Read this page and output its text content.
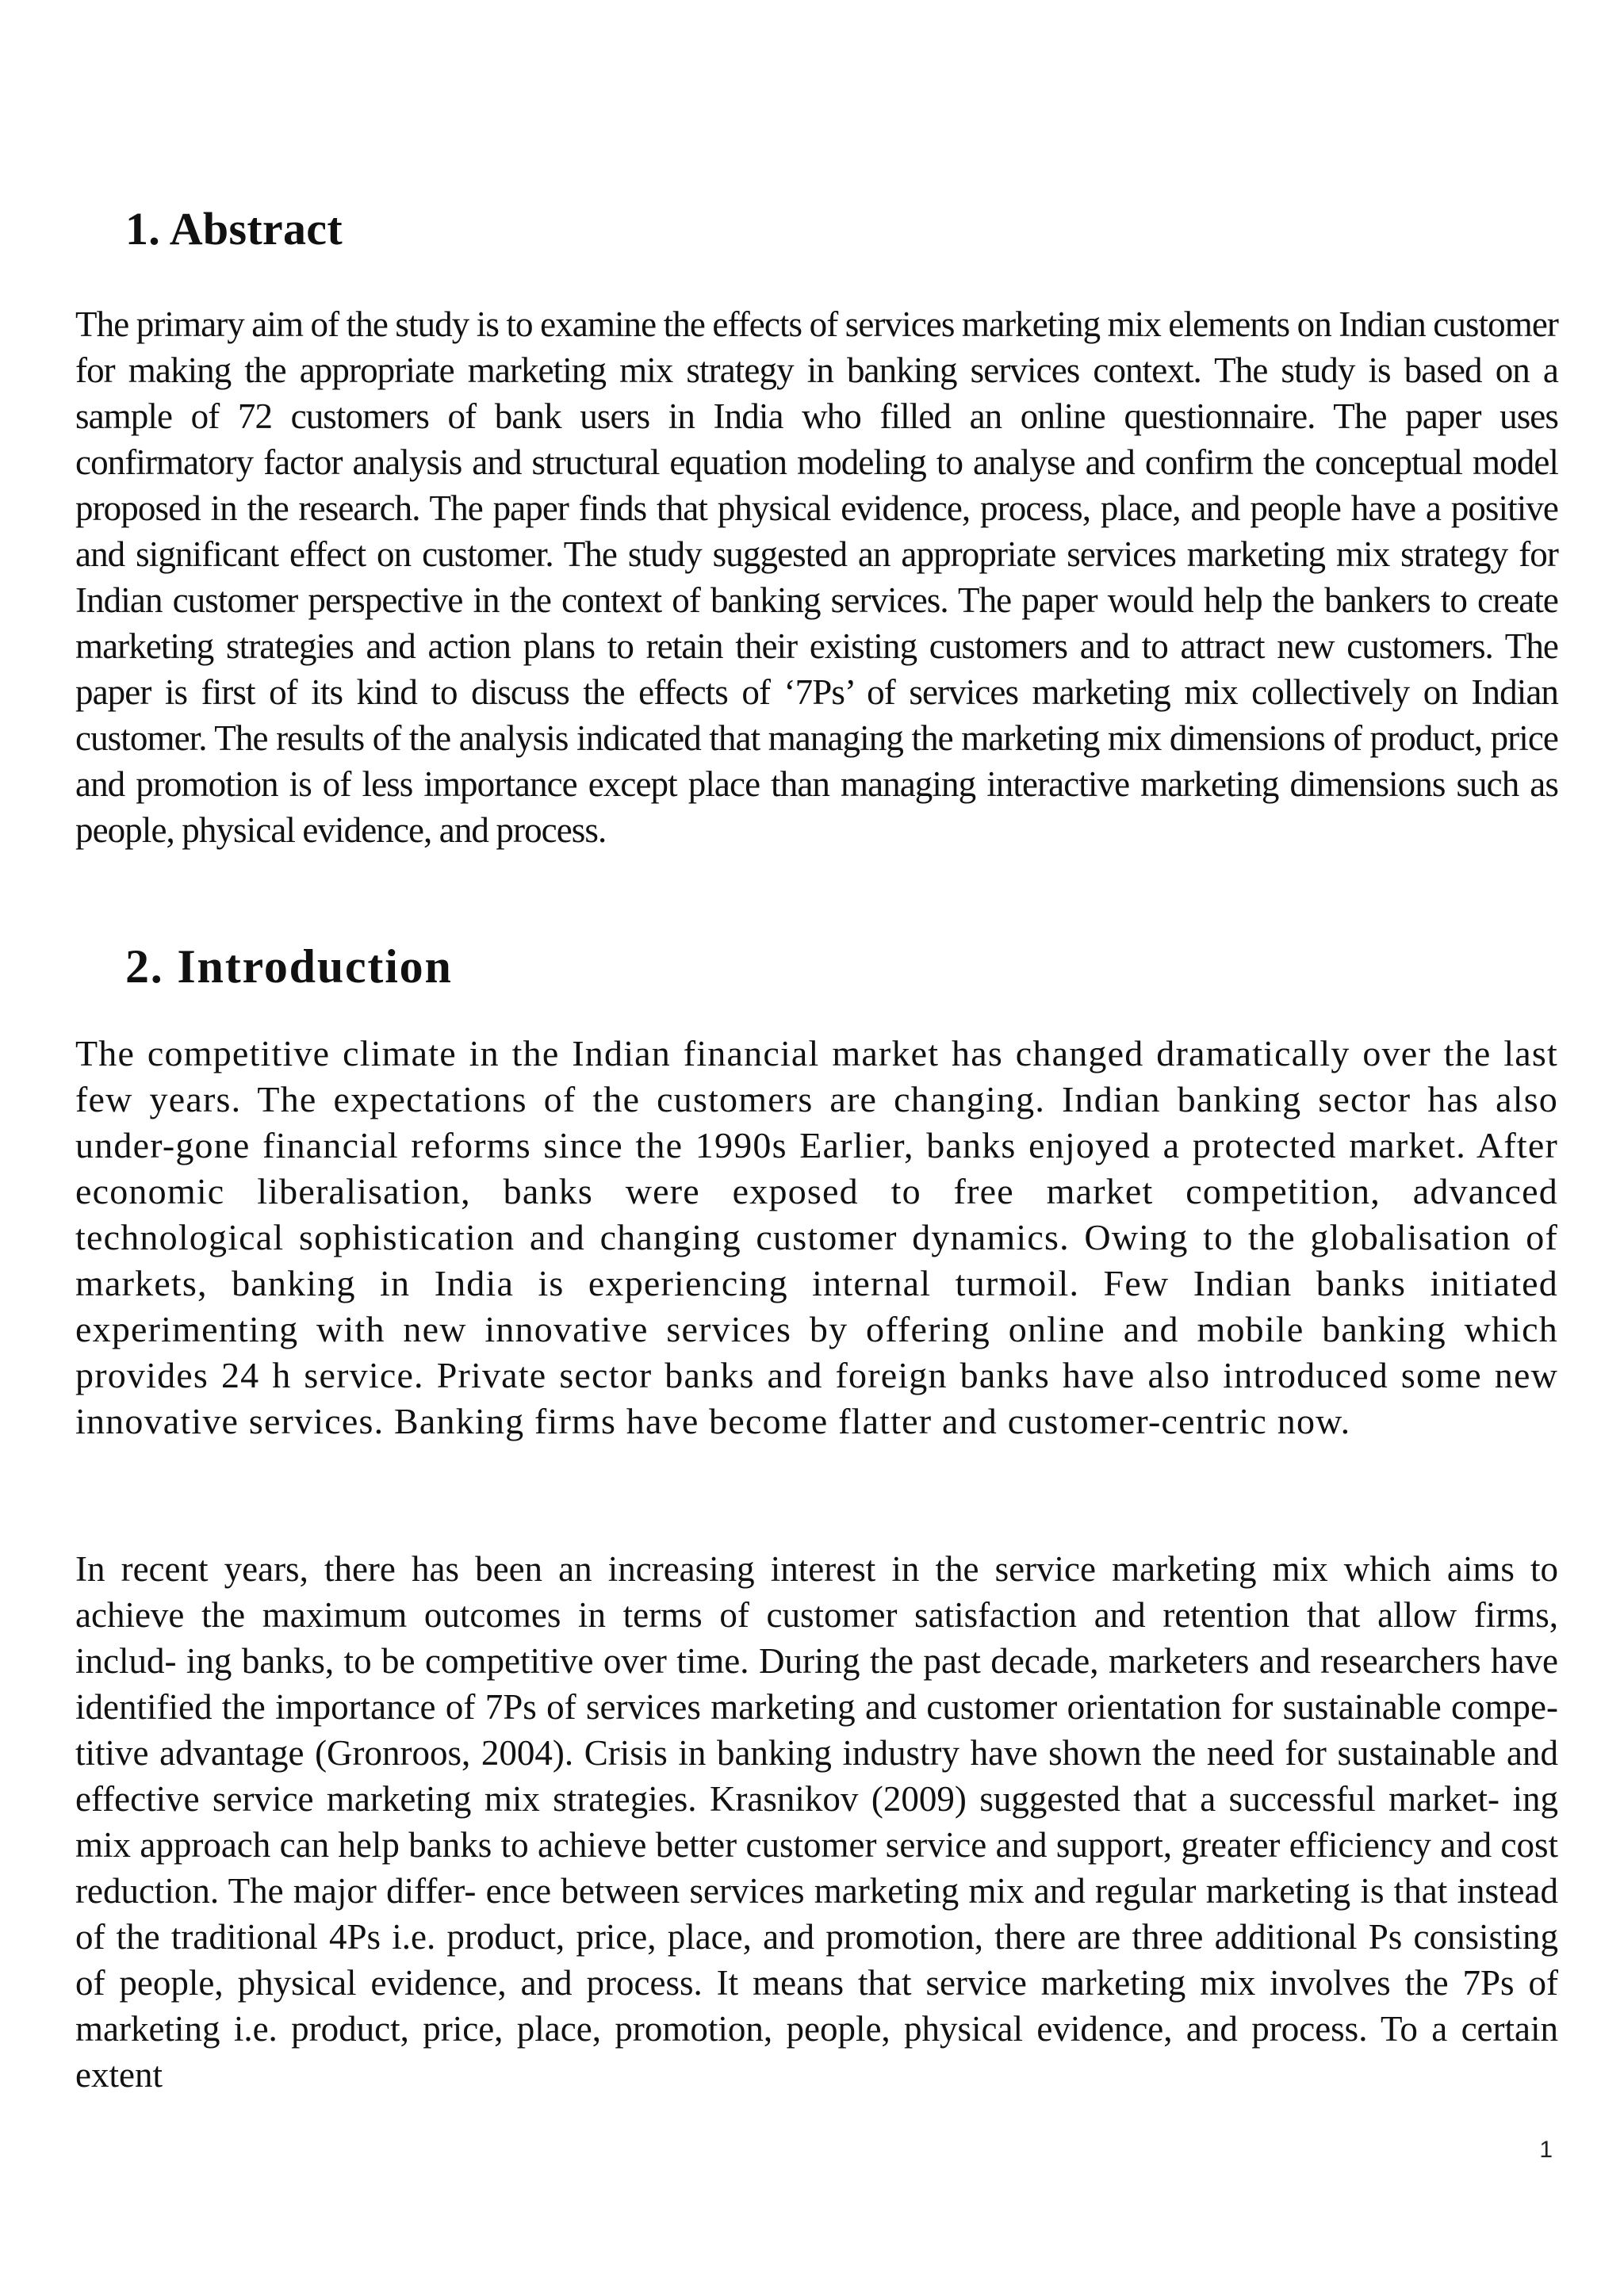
1. Abstract

The primary aim of the study is to examine the effects of services marketing mix elements on Indian customer for making the appropriate marketing mix strategy in banking services context. The study is based on a sample of 72 customers of bank users in India who filled an online questionnaire. The paper uses confirmatory factor analysis and structural equation modeling to analyse and confirm the conceptual model proposed in the research. The paper finds that physical evidence, process, place, and people have a positive and significant effect on customer. The study suggested an appropriate services marketing mix strategy for Indian customer perspective in the context of banking services. The paper would help the bankers to create marketing strategies and action plans to retain their existing customers and to attract new customers. The paper is first of its kind to discuss the effects of ‘7Ps’ of services marketing mix collectively on Indian customer. The results of the analysis indicated that managing the marketing mix dimensions of product, price and promotion is of less importance except place than managing interactive marketing dimensions such as people, physical evidence, and process.

2. Introduction

The competitive climate in the Indian financial market has changed dramatically over the last few years. The expectations of the customers are changing. Indian banking sector has also under-gone financial reforms since the 1990s Earlier, banks enjoyed a protected market. After economic liberalisation, banks were exposed to free market competition, advanced technological sophistication and changing customer dynamics. Owing to the globalisation of markets, banking in India is experiencing internal turmoil. Few Indian banks initiated experimenting with new innovative services by offering online and mobile banking which provides 24 h service. Private sector banks and foreign banks have also introduced some new innovative services. Banking firms have become flatter and customer-centric now.

In recent years, there has been an increasing interest in the service marketing mix which aims to achieve the maximum outcomes in terms of customer satisfaction and retention that allow firms, includ- ing banks, to be competitive over time. During the past decade, marketers and researchers have identified the importance of 7Ps of services marketing and customer orientation for sustainable compe- titive advantage (Gronroos, 2004). Crisis in banking industry have shown the need for sustainable and effective service marketing mix strategies. Krasnikov (2009) suggested that a successful market- ing mix approach can help banks to achieve better customer service and support, greater efficiency and cost reduction. The major differ- ence between services marketing mix and regular marketing is that instead of the traditional 4Ps i.e. product, price, place, and promotion, there are three additional Ps consisting of people, physical evidence, and process. It means that service marketing mix involves the 7Ps of marketing i.e. product, price, place, promotion, people, physical evidence, and process. To a certain extent

1
